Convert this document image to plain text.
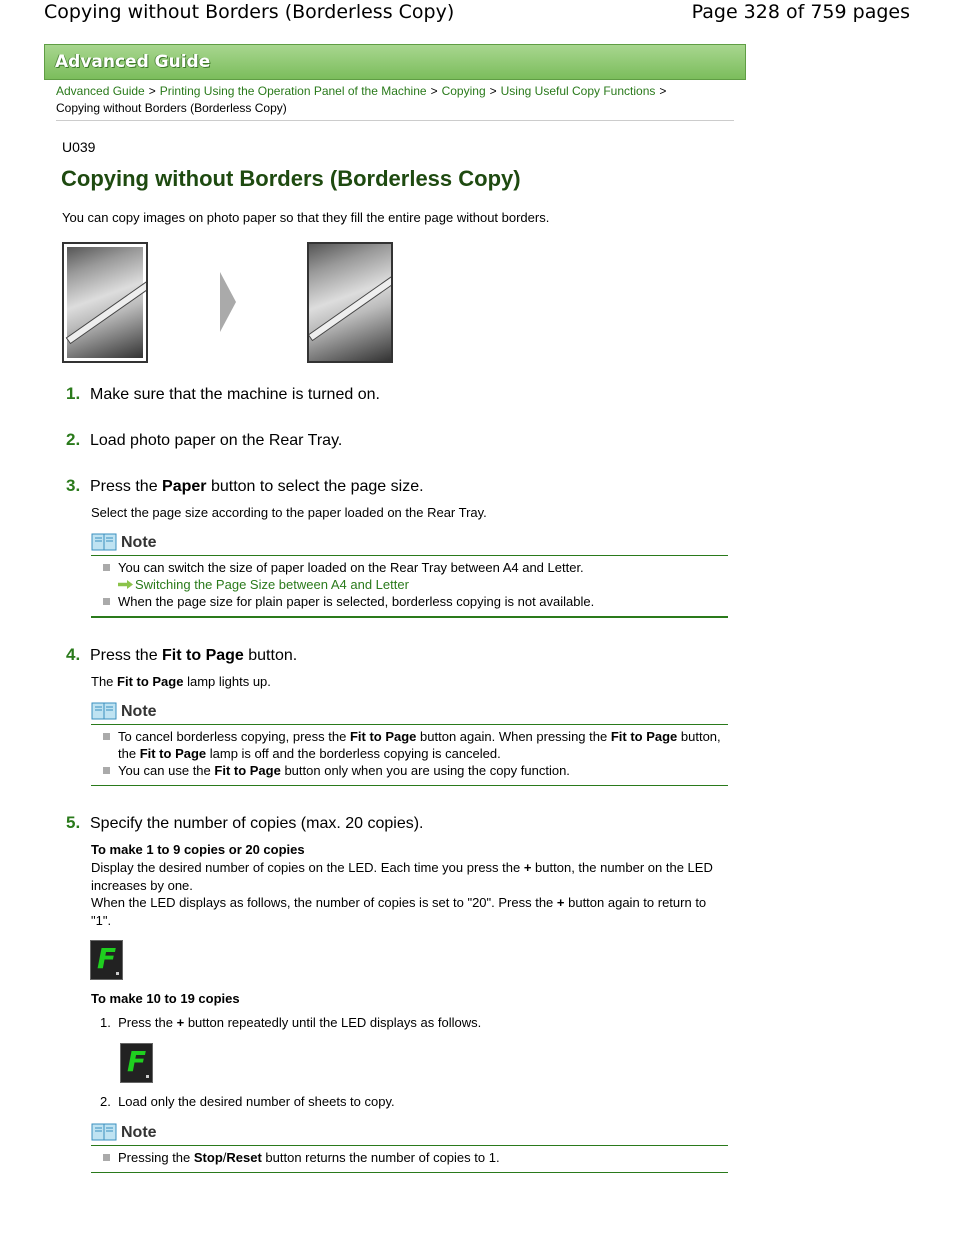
Copying without Borders (Borderless Copy)	Page 328 of 759 pages
Advanced Guide
Advanced Guide > Printing Using the Operation Panel of the Machine > Copying > Using Useful Copy Functions >
Copying without Borders (Borderless Copy)
U039
Copying without Borders (Borderless Copy)
You can copy images on photo paper so that they fill the entire page without borders.
1. Make sure that the machine is turned on.
2. Load photo paper on the Rear Tray.
3. Press the Paper button to select the page size.
Select the page size according to the paper loaded on the Rear Tray.
Note
You can switch the size of paper loaded on the Rear Tray between A4 and Letter.
Switching the Page Size between A4 and Letter
When the page size for plain paper is selected, borderless copying is not available.
4. Press the Fit to Page button.
The Fit to Page lamp lights up.
Note
To cancel borderless copying, press the Fit to Page button again. When pressing the Fit to Page button, the Fit to Page lamp is off and the borderless copying is canceled.
You can use the Fit to Page button only when you are using the copy function.
5. Specify the number of copies (max. 20 copies).
To make 1 to 9 copies or 20 copies
Display the desired number of copies on the LED. Each time you press the + button, the number on the LED increases by one.
When the LED displays as follows, the number of copies is set to "20". Press the + button again to return to "1".
F
To make 10 to 19 copies
1. Press the + button repeatedly until the LED displays as follows.
F
2. Load only the desired number of sheets to copy.
Note
Pressing the Stop/Reset button returns the number of copies to 1.
